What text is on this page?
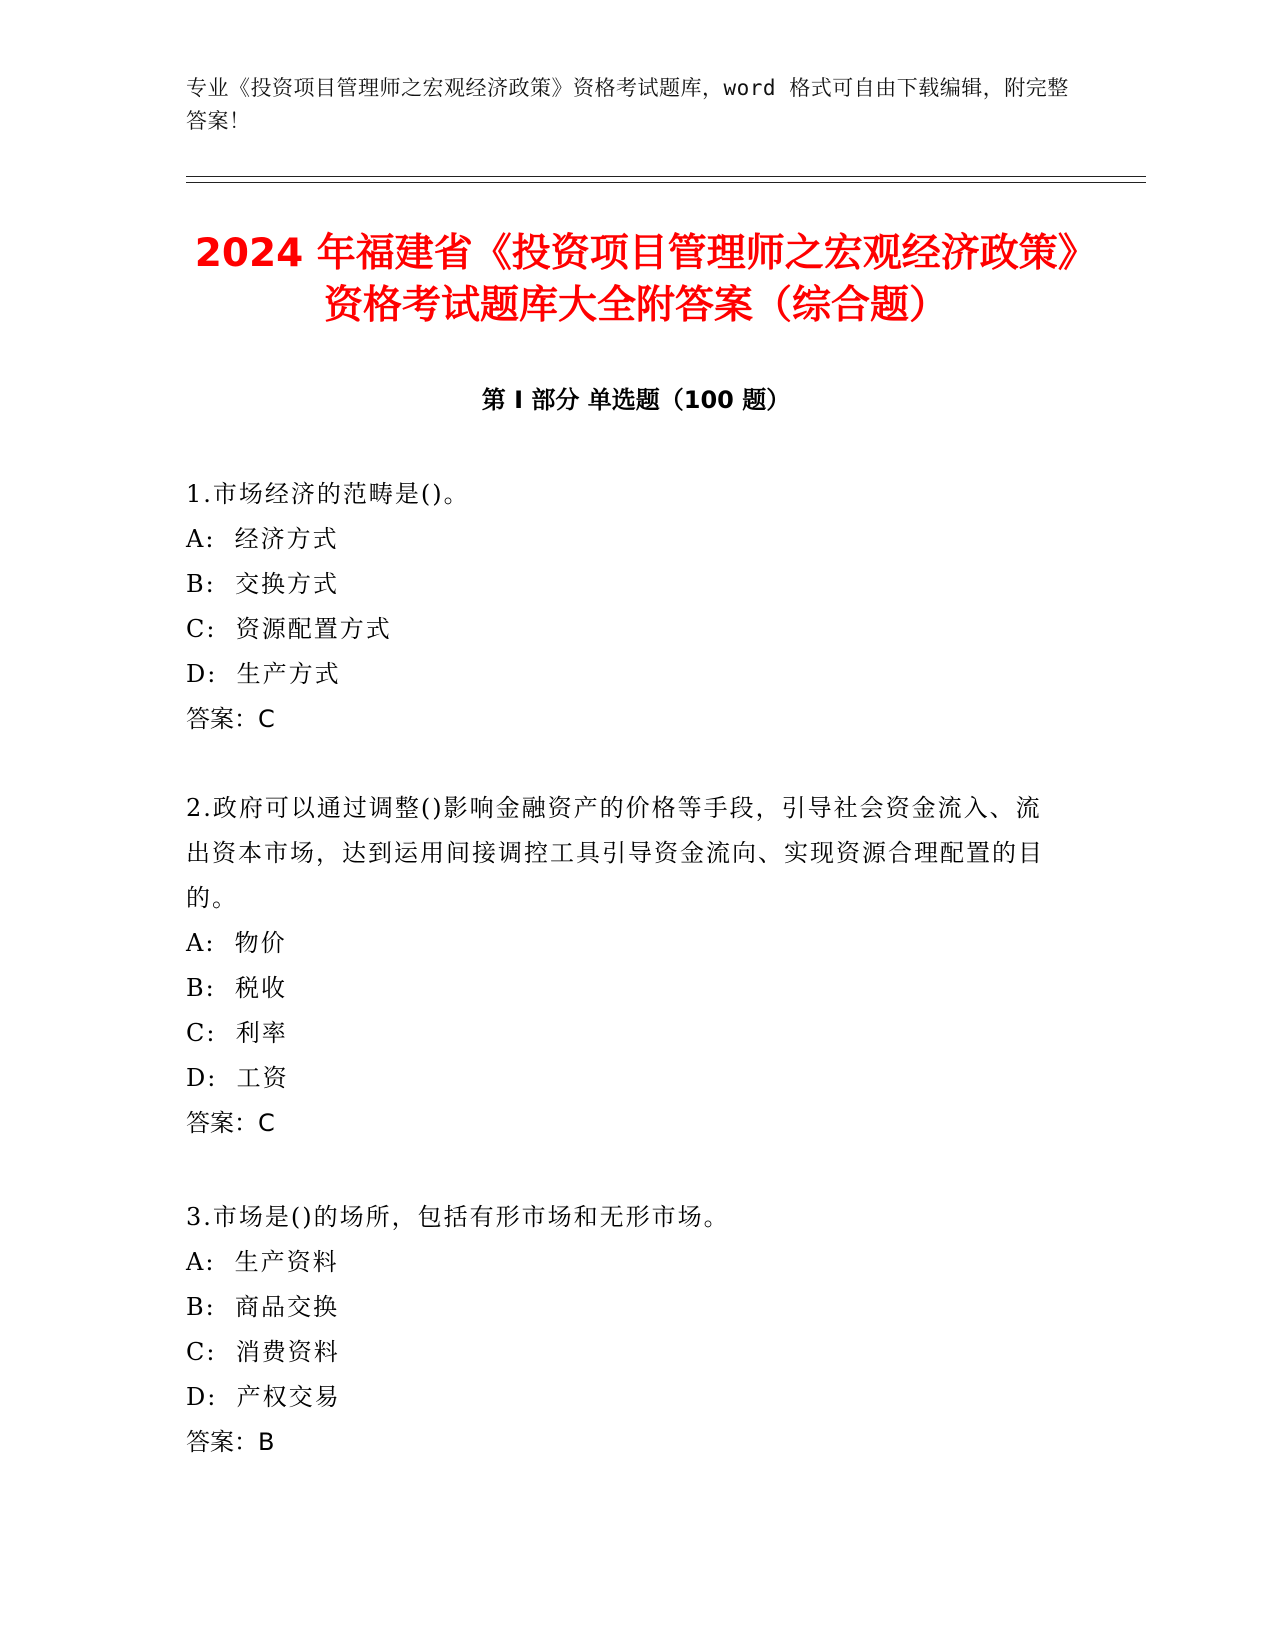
专业《投资项目管理师之宏观经济政策》资格考试题库，word 格式可自由下载编辑，附完整答案！
2024 年福建省《投资项目管理师之宏观经济政策》资格考试题库大全附答案（综合题）
第 I 部分 单选题（100 题）

1.市场经济的范畴是()。

A:  经济方式

B:  交换方式

C:  资源配置方式

D:  生产方式

答案：C

2.政府可以通过调整()影响金融资产的价格等手段，引导社会资金流入、流出资本市场，达到运用间接调控工具引导资金流向、实现资源合理配置的目的。

A:  物价

B:  税收

C:  利率

D:  工资

答案：C

3.市场是()的场所，包括有形市场和无形市场。

A:  生产资料

B:  商品交换

C:  消费资料

D:  产权交易

答案：B
